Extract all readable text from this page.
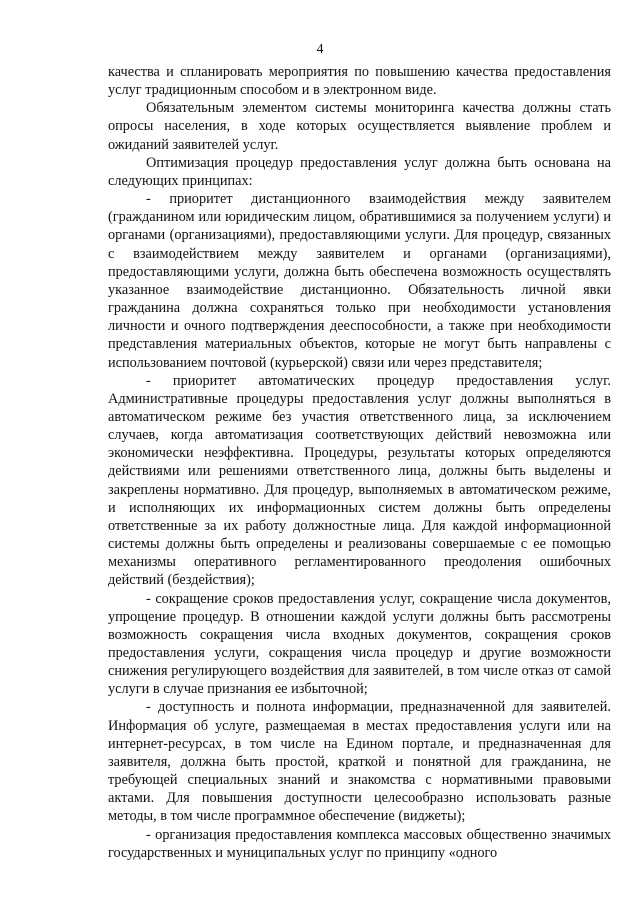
4

качества и спланировать мероприятия по повышению качества предоставления услуг традиционным способом и в электронном виде.

Обязательным элементом системы мониторинга качества должны стать опросы населения, в ходе которых осуществляется выявление проблем и ожиданий заявителей услуг.

Оптимизация процедур предоставления услуг должна быть основана на следующих принципах:

- приоритет дистанционного взаимодействия между заявителем (гражданином или юридическим лицом, обратившимися за получением услуги) и органами (организациями), предоставляющими услуги. Для процедур, связанных с взаимодействием между заявителем и органами (организациями), предоставляющими услуги, должна быть обеспечена возможность осуществлять указанное взаимодействие дистанционно. Обязательность личной явки гражданина должна сохраняться только при необходимости установления личности и очного подтверждения дееспособности, а также при необходимости представления материальных объектов, которые не могут быть направлены с использованием почтовой (курьерской) связи или через представителя;

- приоритет автоматических процедур предоставления услуг. Административные процедуры предоставления услуг должны выполняться в автоматическом режиме без участия ответственного лица, за исключением случаев, когда автоматизация соответствующих действий невозможна или экономически неэффективна. Процедуры, результаты которых определяются действиями или решениями ответственного лица, должны быть выделены и закреплены нормативно. Для процедур, выполняемых в автоматическом режиме, и исполняющих их информационных систем должны быть определены ответственные за их работу должностные лица. Для каждой информационной системы должны быть определены и реализованы совершаемые с ее помощью механизмы оперативного регламентированного преодоления ошибочных действий (бездействия);

- сокращение сроков предоставления услуг, сокращение числа документов, упрощение процедур. В отношении каждой услуги должны быть рассмотрены возможность сокращения числа входных документов, сокращения сроков предоставления услуги, сокращения числа процедур и другие возможности снижения регулирующего воздействия для заявителей, в том числе отказ от самой услуги в случае признания ее избыточной;

- доступность и полнота информации, предназначенной для заявителей. Информация об услуге, размещаемая в местах предоставления услуги или на интернет-ресурсах, в том числе на Едином портале, и предназначенная для заявителя, должна быть простой, краткой и понятной для гражданина, не требующей специальных знаний и знакомства с нормативными правовыми актами. Для повышения доступности целесообразно использовать разные методы, в том числе программное обеспечение (виджеты);

- организация предоставления комплекса массовых общественно значимых государственных и муниципальных услуг по принципу «одного
